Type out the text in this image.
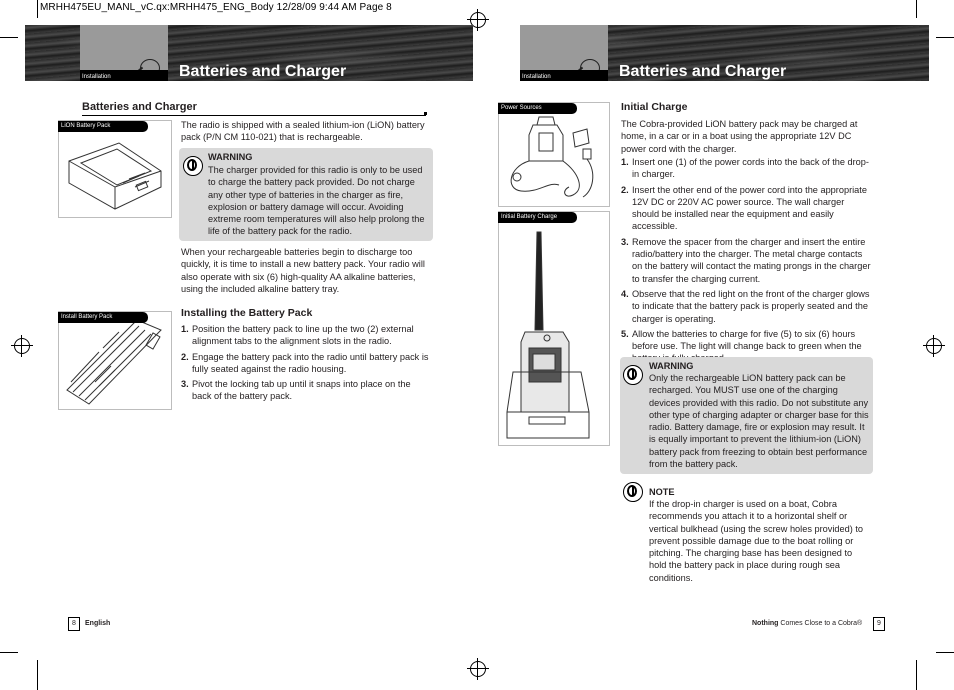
MRHH475EU_MANL_vC.qx:MRHH475_ENG_Body 12/28/09 9:44 AM Page 8
Installation	Batteries and Charger	Installation	Batteries and Charger
Batteries and Charger
LiON Battery Pack	The radio is shipped with a sealed lithium-ion (LiON) battery pack (P/N CM 110-021) that is rechargeable.
WARNING
The charger provided for this radio is only to be used to charge the battery pack provided. Do not charge any other type of batteries in the charger as fire, explosion or battery damage will occur. Avoiding extreme room temperatures will also help prolong the life of the battery pack for the radio.
When your rechargeable batteries begin to discharge too quickly, it is time to install a new battery pack. Your radio will also operate with six (6) high-quality AA alkaline batteries, using the included alkaline battery tray.
Install Battery Pack	Installing the Battery Pack
1. Position the battery pack to line up the two (2) external alignment tabs to the alignment slots in the radio.
2. Engage the battery pack into the radio until battery pack is fully seated against the radio housing.
3. Pivot the locking tab up until it snaps into place on the back of the battery pack.
8	English
Power Sources
Initial Battery Charge
Initial Charge
The Cobra-provided LiON battery pack may be charged at home, in a car or in a boat using the appropriate 12V DC power cord with the charger.
1. Insert one (1) of the power cords into the back of the drop-in charger.
2. Insert the other end of the power cord into the appropriate 12V DC or 220V AC power source. The wall charger should be installed near the equipment and easily accessible.
3. Remove the spacer from the charger and insert the entire radio/battery into the charger. The metal charge contacts on the battery will contact the mating prongs in the charger to transfer the charging current.
4. Observe that the red light on the front of the charger glows to indicate that the battery pack is properly seated and the charger is operating.
5. Allow the batteries to charge for five (5) to six (6) hours before use. The light will change back to green when the
WARNING
Only the rechargeable LiON battery pack can be recharged. You MUST use one of the charging devices provided with this radio. Do not substitute any other type of charging adapter or charger base for this radio. Battery damage, fire or explosion may result. It is equally important to prevent the lithium-ion (LiON) battery pack from freezing to obtain best performance from the battery pack.
NOTE
If the drop-in charger is used on a boat, Cobra recommends you attach it to a horizontal shelf or vertical bulkhead (using the screw holes provided) to prevent possible damage due to the boat rolling or pitching. The charging base has been designed to hold the battery pack in place during rough sea conditions.
Nothing Comes Close to a Cobra®	9
